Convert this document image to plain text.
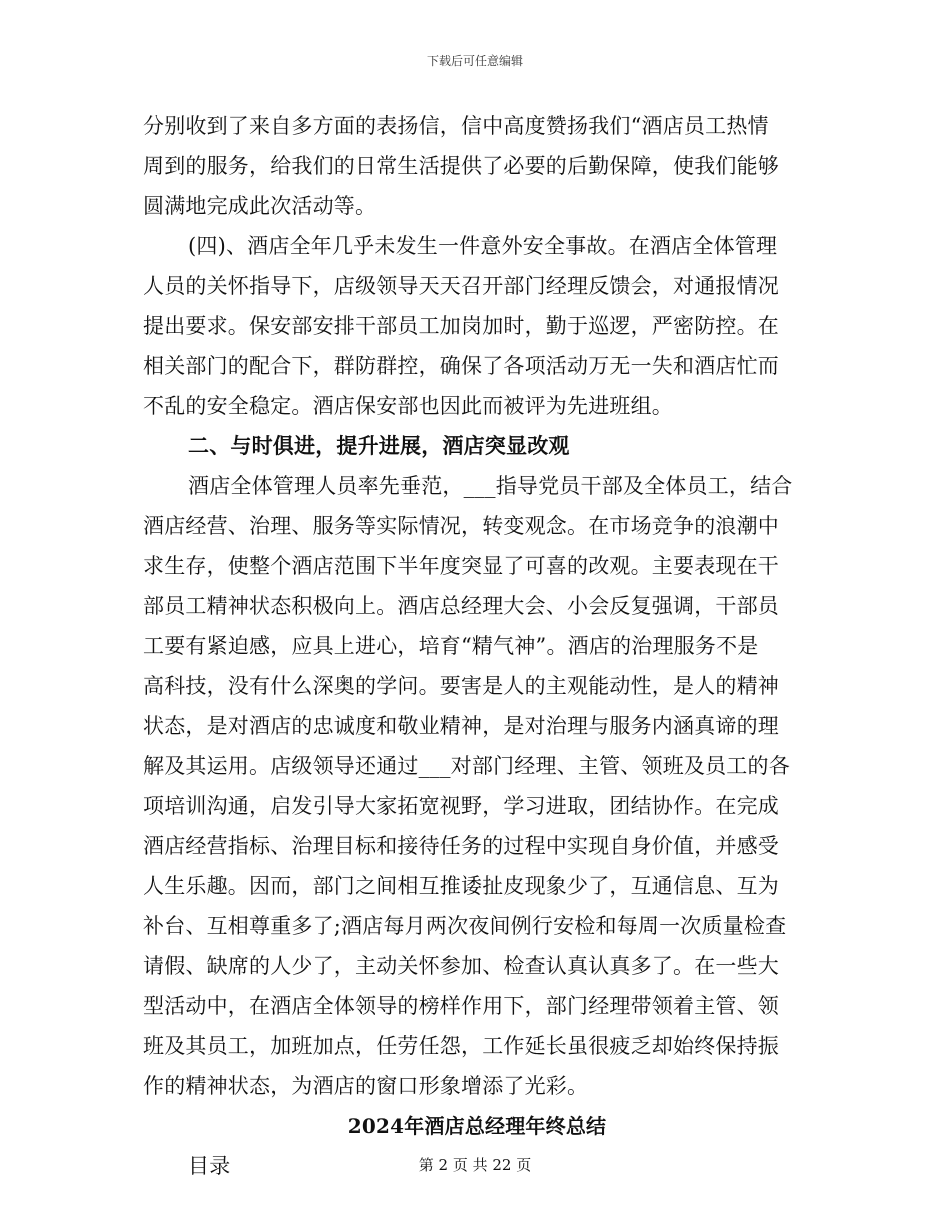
下载后可任意编辑
分别收到了来自多方面的表扬信，信中高度赞扬我们“酒店员工热情
周到的服务，给我们的日常生活提供了必要的后勤保障，使我们能够
圆满地完成此次活动等。
(四)、酒店全年几乎未发生一件意外安全事故。在酒店全体管理
人员的关怀指导下，店级领导天天召开部门经理反馈会，对通报情况
提出要求。保安部安排干部员工加岗加时，勤于巡逻，严密防控。在
相关部门的配合下，群防群控，确保了各项活动万无一失和酒店忙而
不乱的安全稳定。酒店保安部也因此而被评为先进班组。
二、与时俱进，提升进展，酒店突显改观
酒店全体管理人员率先垂范，___指导党员干部及全体员工，结合
酒店经营、治理、服务等实际情况，转变观念。在市场竞争的浪潮中
求生存，使整个酒店范围下半年度突显了可喜的改观。主要表现在干
部员工精神状态积极向上。酒店总经理大会、小会反复强调，干部员
工要有紧迫感，应具上进心，培育“精气神”。酒店的治理服务不是
高科技，没有什么深奥的学问。要害是人的主观能动性，是人的精神
状态，是对酒店的忠诚度和敬业精神，是对治理与服务内涵真谛的理
解及其运用。店级领导还通过___对部门经理、主管、领班及员工的各
项培训沟通，启发引导大家拓宽视野，学习进取，团结协作。在完成
酒店经营指标、治理目标和接待任务的过程中实现自身价值，并感受
人生乐趣。因而，部门之间相互推诿扯皮现象少了，互通信息、互为
补台、互相尊重多了;酒店每月两次夜间例行安检和每周一次质量检查
请假、缺席的人少了，主动关怀参加、检查认真认真多了。在一些大
型活动中，在酒店全体领导的榜样作用下，部门经理带领着主管、领
班及其员工，加班加点，任劳任怨，工作延长虽很疲乏却始终保持振
作的精神状态，为酒店的窗口形象增添了光彩。
2024年酒店总经理年终总结
目录	第 2 页 共 22 页
